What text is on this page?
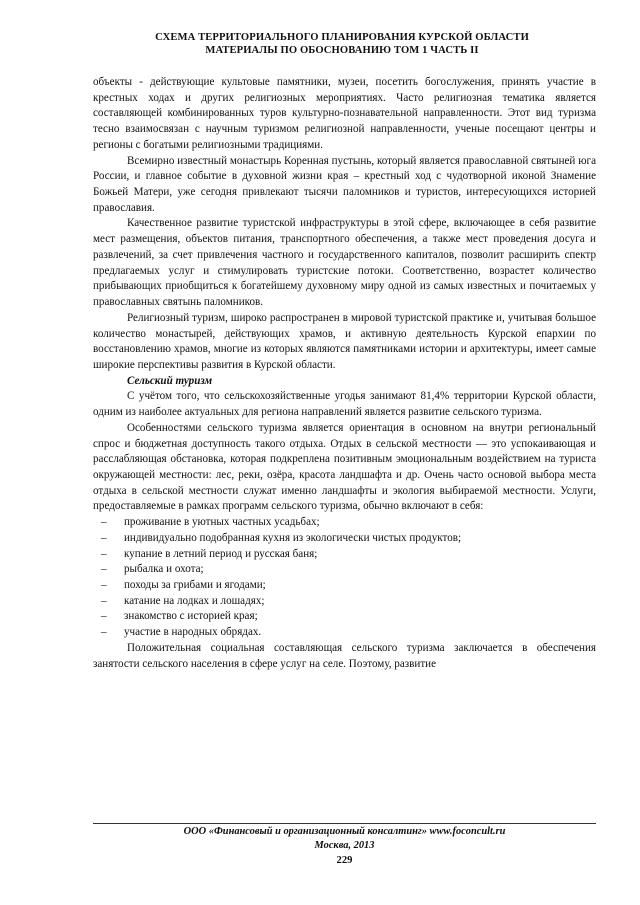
СХЕМА ТЕРРИТОРИАЛЬНОГО ПЛАНИРОВАНИЯ КУРСКОЙ ОБЛАСТИ
МАТЕРИАЛЫ ПО ОБОСНОВАНИЮ ТОМ 1 ЧАСТЬ II

объекты - действующие культовые памятники, музеи, посетить богослужения, принять участие в крестных ходах и других религиозных мероприятиях. Часто религиозная тематика является составляющей комбинированных туров культурно-познавательной направленности. Этот вид туризма тесно взаимосвязан с научным туризмом религиозной направленности, ученые посещают центры и регионы с богатыми религиозными традициями.

Всемирно известный монастырь Коренная пустынь, который является православной святыней юга России, и главное событие в духовной жизни края – крестный ход с чудотворной иконой Знамение Божьей Матери, уже сегодня привлекают тысячи паломников и туристов, интересующихся историей православия.

Качественное развитие туристской инфраструктуры в этой сфере, включающее в себя развитие мест размещения, объектов питания, транспортного обеспечения, а также мест проведения досуга и развлечений, за счет привлечения частного и государственного капиталов, позволит расширить спектр предлагаемых услуг и стимулировать туристские потоки. Соответственно, возрастет количество прибывающих приобщиться к богатейшему духовному миру одной из самых известных и почитаемых у православных святынь паломников.

Религиозный туризм, широко распространен в мировой туристской практике и, учитывая большое количество монастырей, действующих храмов, и активную деятельность Курской епархии по восстановлению храмов, многие из которых являются памятниками истории и архитектуры, имеет самые широкие перспективы развития в Курской области.

Сельский туризм

С учётом того, что сельскохозяйственные угодья занимают 81,4% территории Курской области, одним из наиболее актуальных для региона направлений является развитие сельского туризма.

Особенностями сельского туризма является ориентация в основном на внутри региональный спрос и бюджетная доступность такого отдыха. Отдых в сельской местности — это успокаивающая и расслабляющая обстановка, которая подкреплена позитивным эмоциональным воздействием на туриста окружающей местности: лес, реки, озёра, красота ландшафта и др. Очень часто основой выбора места отдыха в сельской местности служат именно ландшафты и экология выбираемой местности. Услуги, предоставляемые в рамках программ сельского туризма, обычно включают в себя:

– проживание в уютных частных усадьбах;
– индивидуально подобранная кухня из экологически чистых продуктов;
– купание в летний период и русская баня;
– рыбалка и охота;
– походы за грибами и ягодами;
– катание на лодках и лошадях;
– знакомство с историей края;
– участие в народных обрядах.

Положительная социальная составляющая сельского туризма заключается в обеспечения занятости сельского населения в сфере услуг на селе. Поэтому, развитие

ООО «Финансовый и организационный консалтинг» www.foconcult.ru
Москва, 2013
229
